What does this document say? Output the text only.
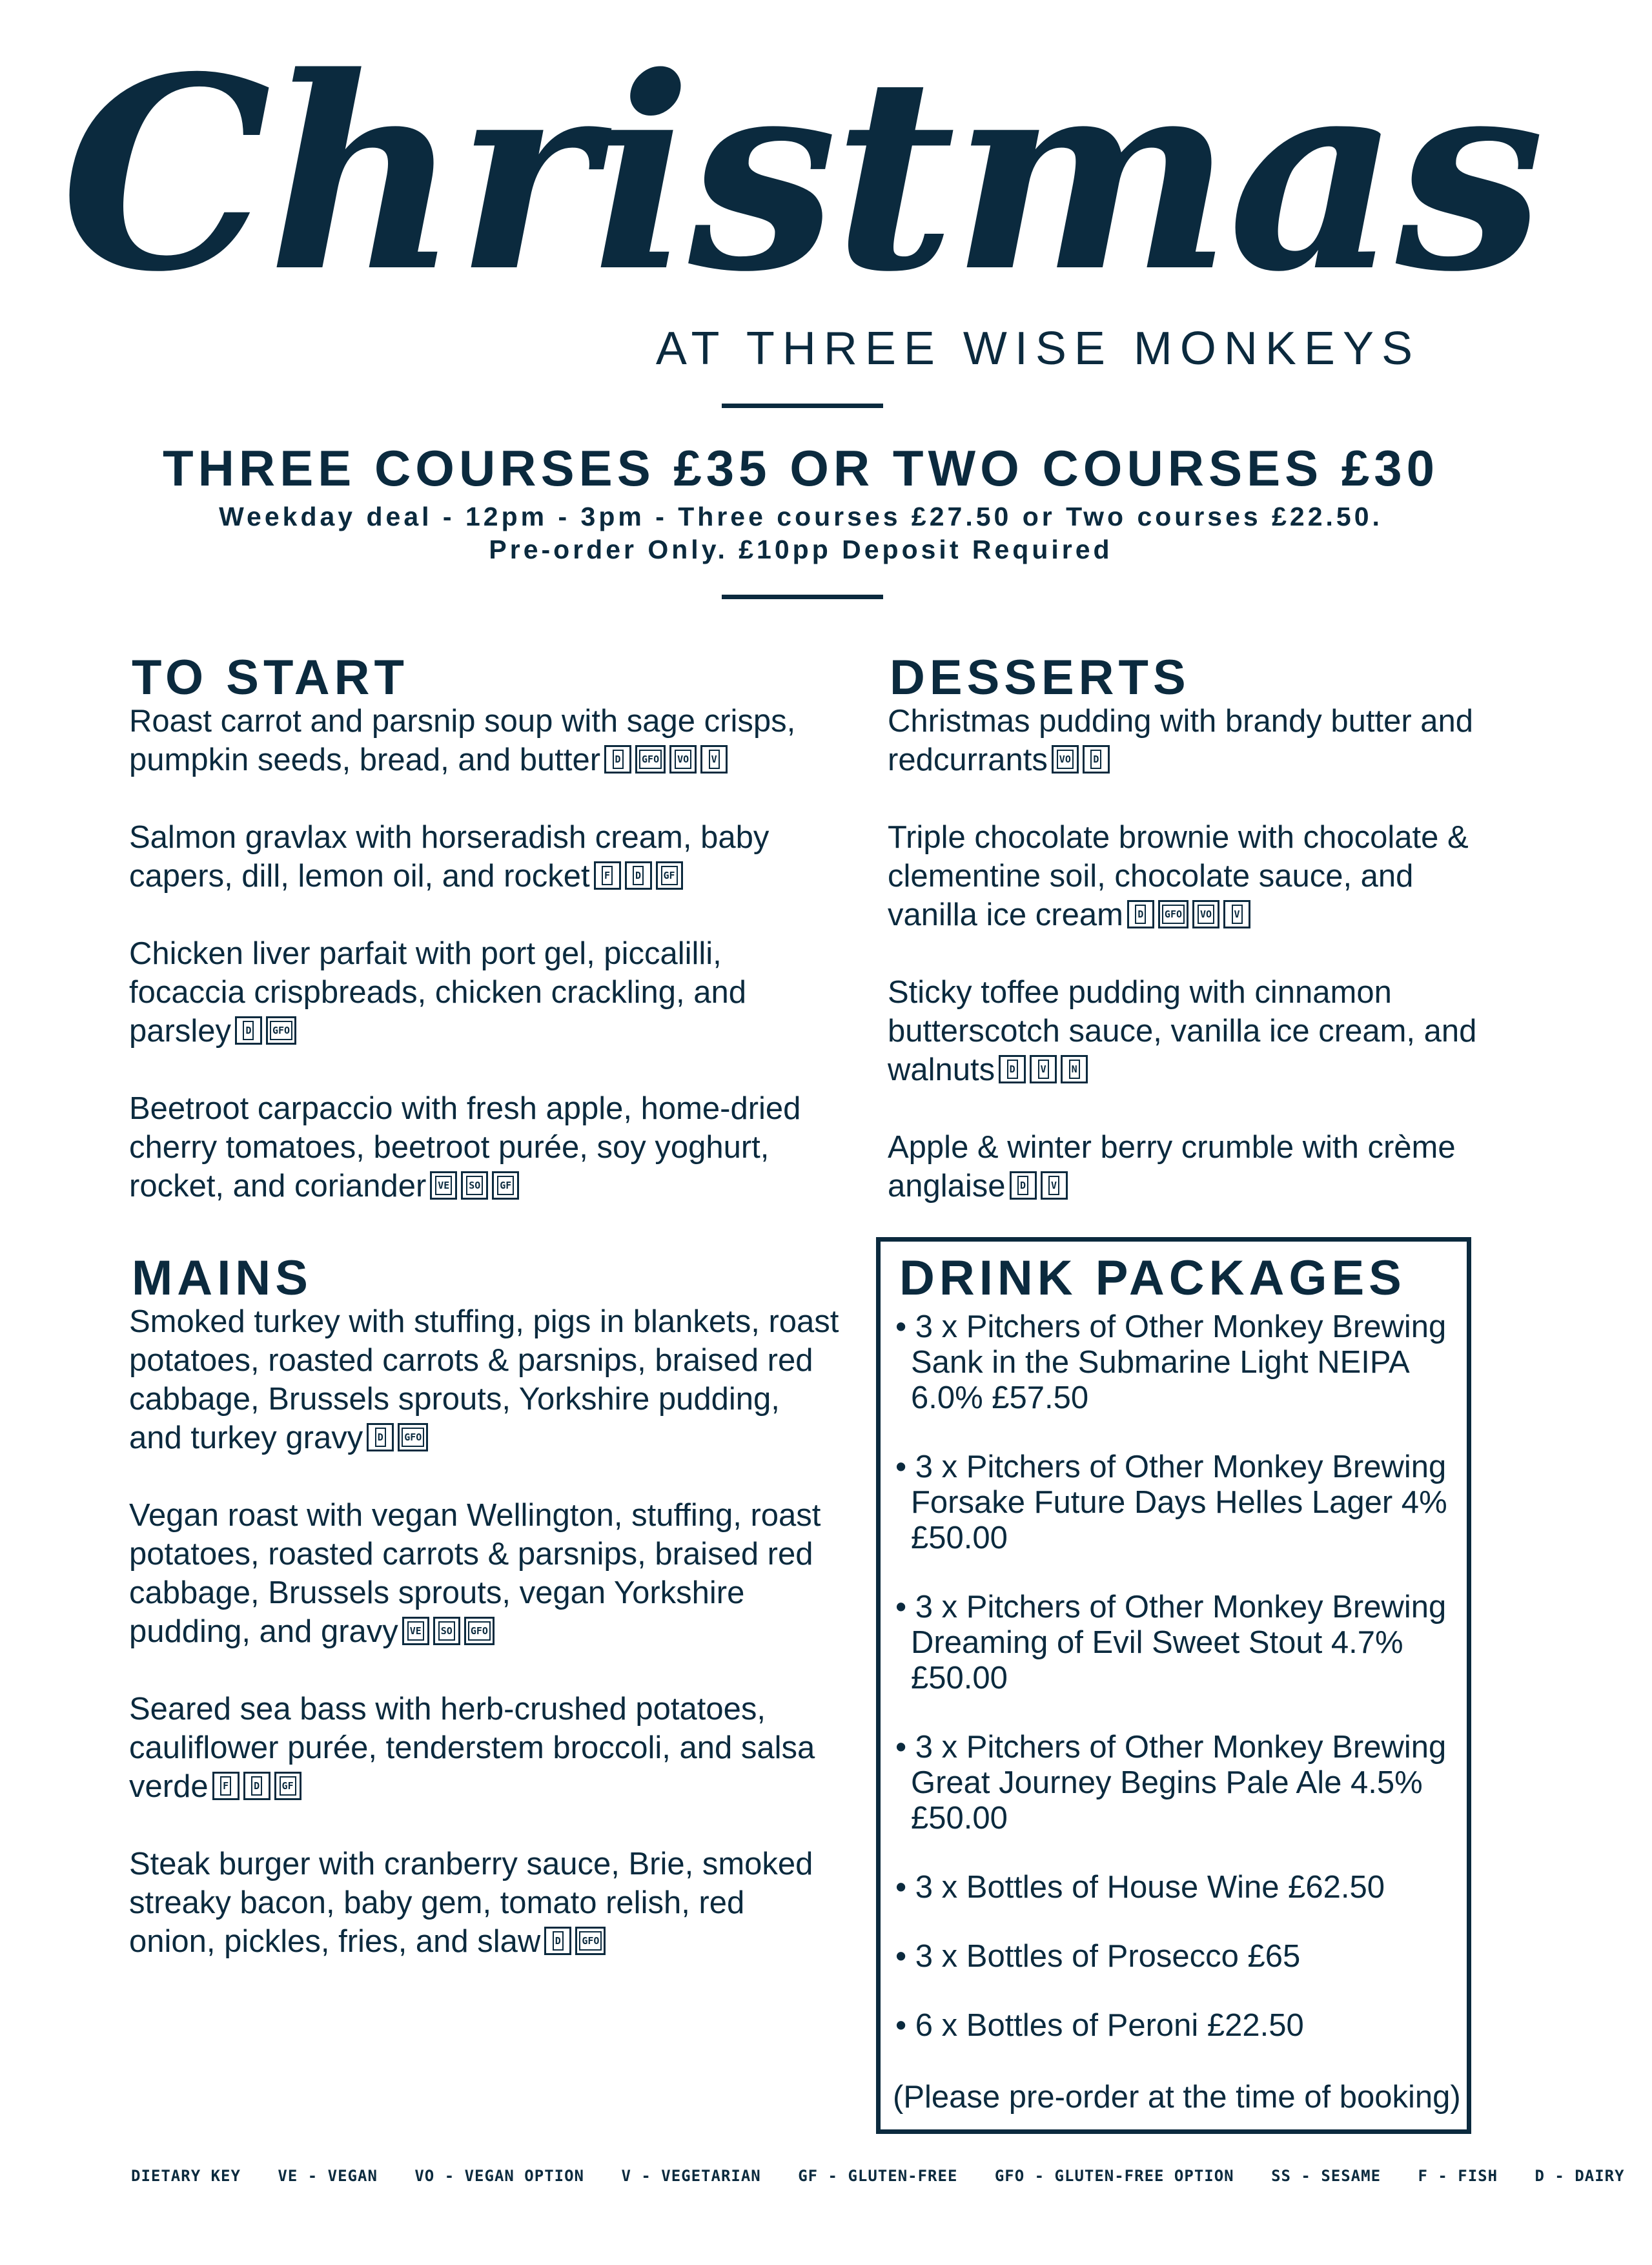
Christmas
AT THREE WISE MONKEYS
THREE COURSES £35 OR TWO COURSES £30
Weekday deal - 12pm - 3pm - Three courses £27.50 or Two courses £22.50.
Pre-order Only. £10pp Deposit Required
TO START
Roast carrot and parsnip soup with sage crisps, pumpkin seeds, bread, and butter D GFO VO V
Salmon gravlax with horseradish cream, baby capers, dill, lemon oil, and rocket F	D GF
Chicken liver parfait with port gel, piccalilli, focaccia crispbreads, chicken crackling, and parsley D GFO
Beetroot carpaccio with fresh apple, home-dried cherry tomatoes, beetroot purée, soy yoghurt, rocket, and coriander VE SO GF
MAINS
Smoked turkey with stuffing, pigs in blankets, roast potatoes, roasted carrots & parsnips, braised red cabbage, Brussels sprouts, Yorkshire pudding, and turkey gravy D GFO
Vegan roast with vegan Wellington, stuffing, roast potatoes, roasted carrots & parsnips, braised red cabbage, Brussels sprouts, vegan Yorkshire pudding, and gravy VE SO GFO
Seared sea bass with herb-crushed potatoes, cauliflower purée, tenderstem broccoli, and salsa verde F	D GF
Steak burger with cranberry sauce, Brie, smoked streaky bacon, baby gem, tomato relish, red onion, pickles, fries, and slaw D GFO
DESSERTS
Christmas pudding with brandy butter and redcurrants VO D
Triple chocolate brownie with chocolate & clementine soil, chocolate sauce, and vanilla ice cream D GFO VO V
Sticky toffee pudding with cinnamon butterscotch sauce, vanilla ice cream, and walnuts D	V	N
Apple & winter berry crumble with crème anglaise D	V
DRINK PACKAGES
• 3 x Pitchers of Other Monkey Brewing Sank in the Submarine Light NEIPA 6.0% £57.50
• 3 x Pitchers of Other Monkey Brewing Forsake Future Days Helles Lager 4% £50.00
• 3 x Pitchers of Other Monkey Brewing Dreaming of Evil Sweet Stout 4.7% £50.00
• 3 x Pitchers of Other Monkey Brewing Great Journey Begins Pale Ale 4.5% £50.00
• 3 x Bottles of House Wine £62.50
• 3 x Bottles of Prosecco £65
• 6 x Bottles of Peroni £22.50
(Please pre-order at the time of booking)
DIETARY KEY VE - VEGAN VO - VEGAN OPTION V - VEGETARIAN GF - GLUTEN-FREE GFO - GLUTEN-FREE OPTION SS - SESAME F - FISH D - DAIRY
